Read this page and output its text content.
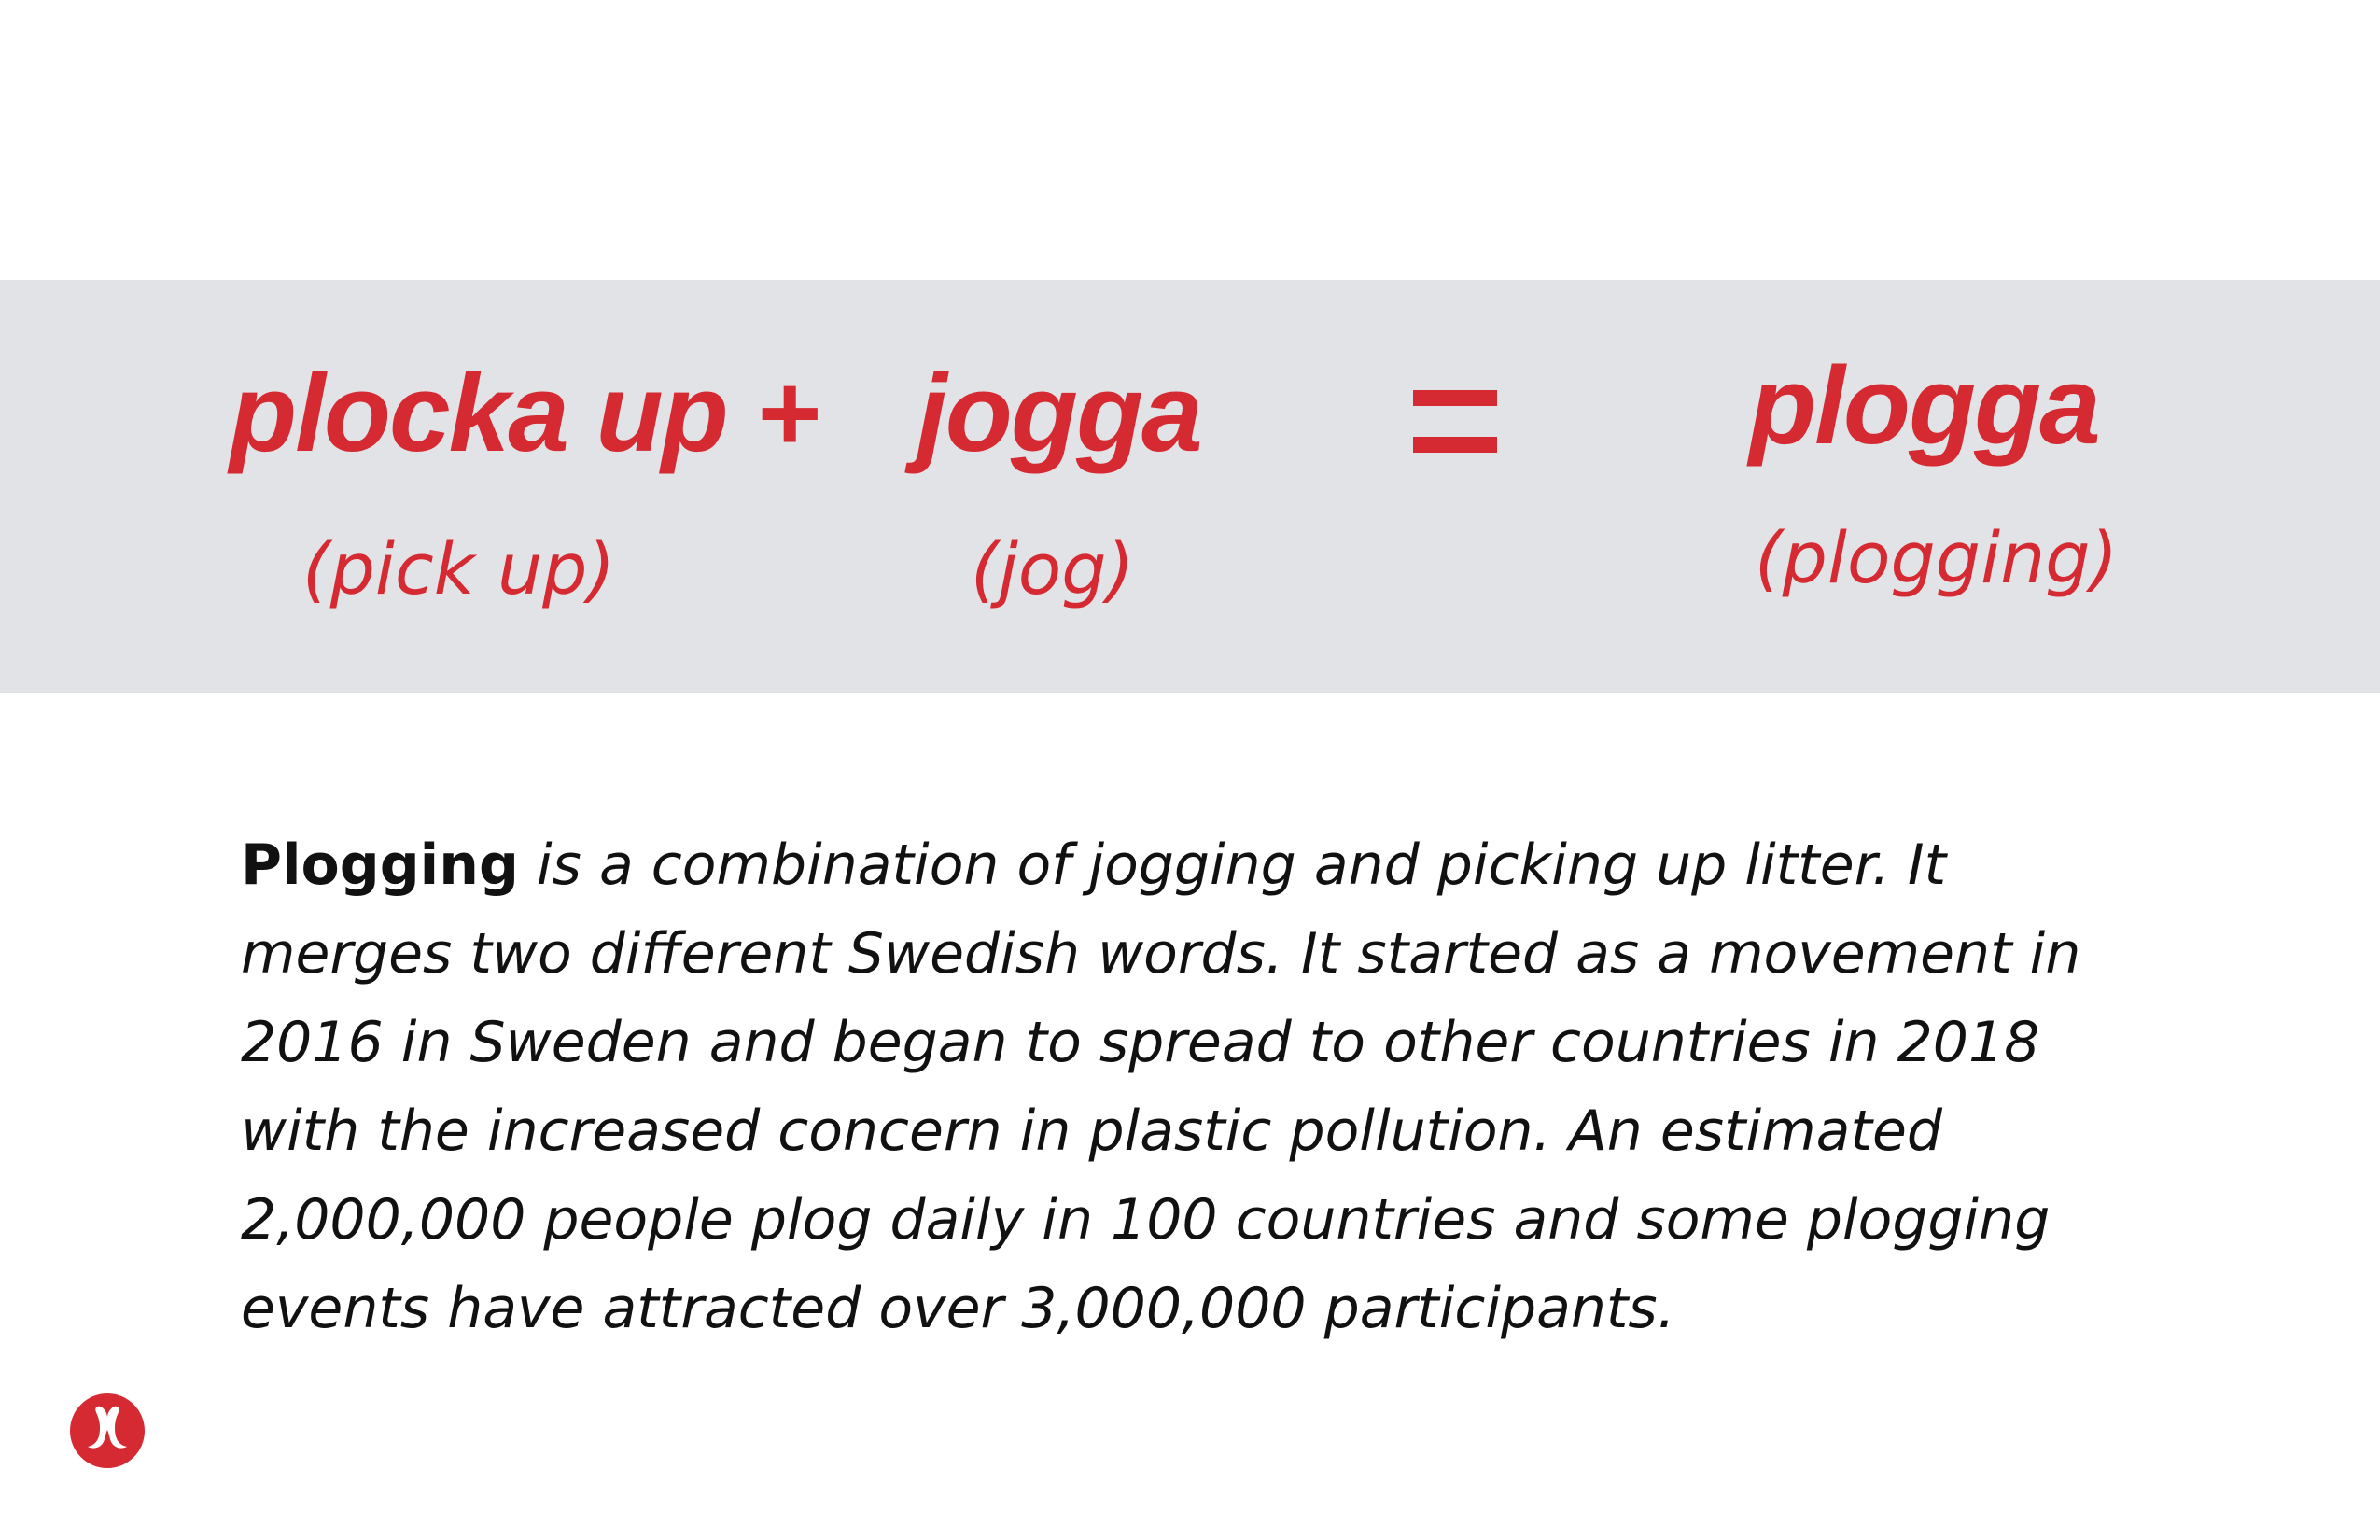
plocka up + jogga	plogga
(pick up)	(jog)	(plogging)
Plogging is a combination of jogging and picking up litter. It
merges two different Swedish words. It started as a movement in
2016 in Sweden and began to spread to other countries in 2018
with the increased concern in plastic pollution. An estimated
2,000,000 people plog daily in 100 countries and some plogging
events have attracted over 3,000,000 participants.
